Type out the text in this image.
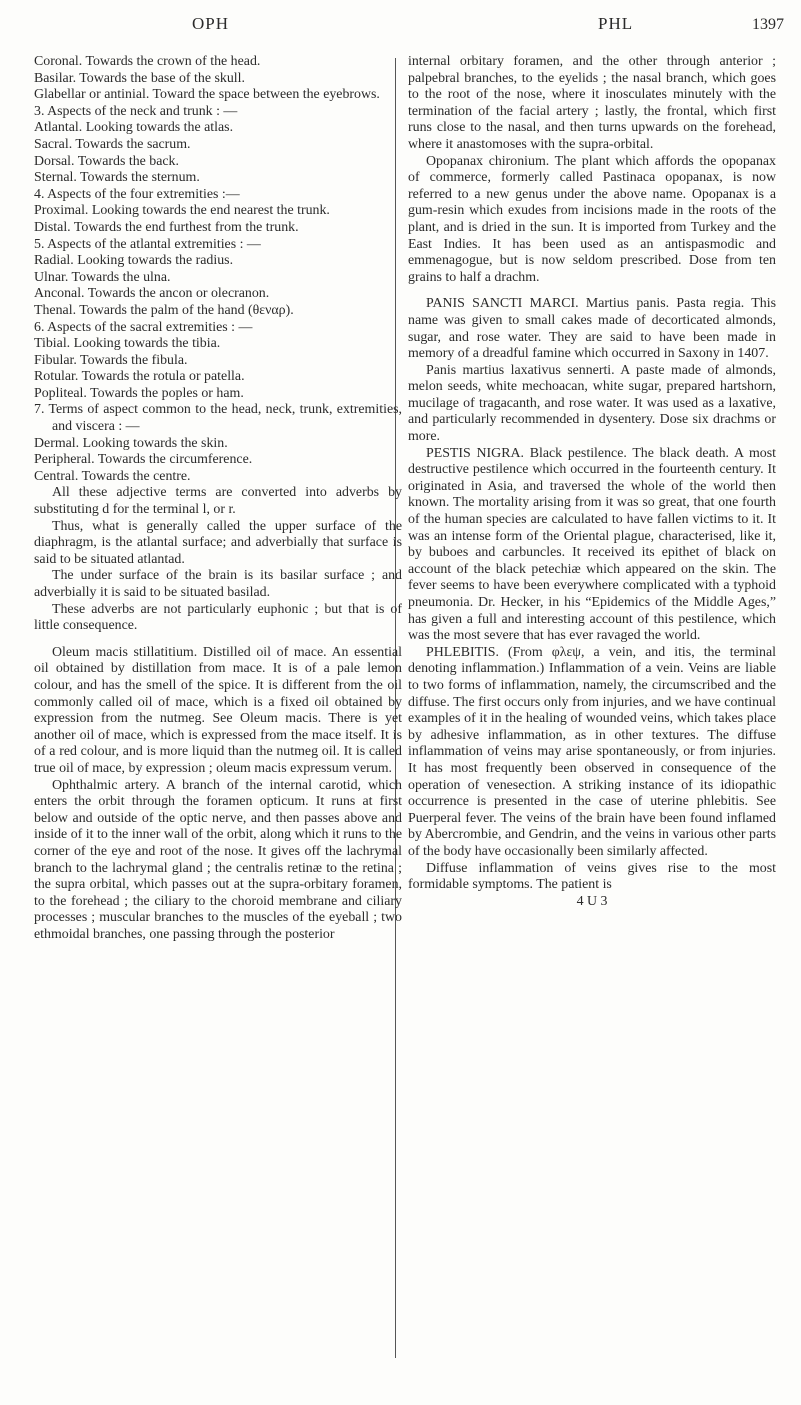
OPH	PHL	1397

Coronal. Towards the crown of the head.

Basilar. Towards the base of the skull.

Glabellar or antinial. Toward the space between the eyebrows.

3. Aspects of the neck and trunk : —

Atlantal. Looking towards the atlas.

Sacral. Towards the sacrum.

Dorsal. Towards the back.

Sternal. Towards the sternum.

4. Aspects of the four extremities :—

Proximal. Looking towards the end nearest the trunk.

Distal. Towards the end furthest from the trunk.

5. Aspects of the atlantal extremities : —

Radial. Looking towards the radius.

Ulnar. Towards the ulna.

Anconal. Towards the ancon or olecranon.

Thenal. Towards the palm of the hand (θεναρ).

6. Aspects of the sacral extremities : —

Tibial. Looking towards the tibia.

Fibular. Towards the fibula.

Rotular. Towards the rotula or patella.

Popliteal. Towards the poples or ham.

7. Terms of aspect common to the head, neck, trunk, extremities, and viscera : —

Dermal. Looking towards the skin.

Peripheral. Towards the circumference.

Central. Towards the centre.

All these adjective terms are converted into adverbs by substituting d for the terminal l, or r.

Thus, what is generally called the upper surface of the diaphragm, is the atlantal surface; and adverbially that surface is said to be situated atlantad.

The under surface of the brain is its basilar surface ; and adverbially it is said to be situated basilad.

These adverbs are not particularly euphonic ; but that is of little consequence.

Oleum macis stillatitium. Distilled oil of mace. An essential oil obtained by distillation from mace. It is of a pale lemon colour, and has the smell of the spice. It is different from the oil commonly called oil of mace, which is a fixed oil obtained by expression from the nutmeg. See Oleum macis. There is yet another oil of mace, which is expressed from the mace itself. It is of a red colour, and is more liquid than the nutmeg oil. It is called true oil of mace, by expression ; oleum macis expressum verum.

Ophthalmic artery. A branch of the internal carotid, which enters the orbit through the foramen opticum. It runs at first below and outside of the optic nerve, and then passes above and inside of it to the inner wall of the orbit, along which it runs to the corner of the eye and root of the nose. It gives off the lachrymal branch to the lachrymal gland ; the centralis retinæ to the retina ; the supra orbital, which passes out at the supra-orbitary foramen, to the forehead ; the ciliary to the choroid membrane and ciliary processes ; muscular branches to the muscles of the eyeball ; two ethmoidal branches, one passing through the posterior

internal orbitary foramen, and the other through anterior ; palpebral branches, to the eyelids ; the nasal branch, which goes to the root of the nose, where it inosculates minutely with the termination of the facial artery ; lastly, the frontal, which first runs close to the nasal, and then turns upwards on the forehead, where it anastomoses with the supra-orbital.

Opopanax chironium. The plant which affords the opopanax of commerce, formerly called Pastinaca opopanax, is now referred to a new genus under the above name. Opopanax is a gum-resin which exudes from incisions made in the roots of the plant, and is dried in the sun. It is imported from Turkey and the East Indies. It has been used as an antispasmodic and emmenagogue, but is now seldom prescribed. Dose from ten grains to half a drachm.

PANIS SANCTI MARCI. Martius panis. Pasta regia. This name was given to small cakes made of decorticated almonds, sugar, and rose water. They are said to have been made in memory of a dreadful famine which occurred in Saxony in 1407.

Panis martius laxativus sennerti. A paste made of almonds, melon seeds, white mechoacan, white sugar, prepared hartshorn, mucilage of tragacanth, and rose water. It was used as a laxative, and particularly recommended in dysentery. Dose six drachms or more.

PESTIS NIGRA. Black pestilence. The black death. A most destructive pestilence which occurred in the fourteenth century. It originated in Asia, and traversed the whole of the world then known. The mortality arising from it was so great, that one fourth of the human species are calculated to have fallen victims to it. It was an intense form of the Oriental plague, characterised, like it, by buboes and carbuncles. It received its epithet of black on account of the black petechiæ which appeared on the skin. The fever seems to have been everywhere complicated with a typhoid pneumonia. Dr. Hecker, in his “Epidemics of the Middle Ages,” has given a full and interesting account of this pestilence, which was the most severe that has ever ravaged the world.

PHLEBITIS. (From φλεψ, a vein, and itis, the terminal denoting inflammation.) Inflammation of a vein. Veins are liable to two forms of inflammation, namely, the circumscribed and the diffuse. The first occurs only from injuries, and we have continual examples of it in the healing of wounded veins, which takes place by adhesive inflammation, as in other textures. The diffuse inflammation of veins may arise spontaneously, or from injuries. It has most frequently been observed in consequence of the operation of venesection. A striking instance of its idiopathic occurrence is presented in the case of uterine phlebitis. See Puerperal fever. The veins of the brain have been found inflamed by Abercrombie, and Gendrin, and the veins in various other parts of the body have occasionally been similarly affected.

Diffuse inflammation of veins gives rise to the most formidable symptoms. The patient is

4 U 3
